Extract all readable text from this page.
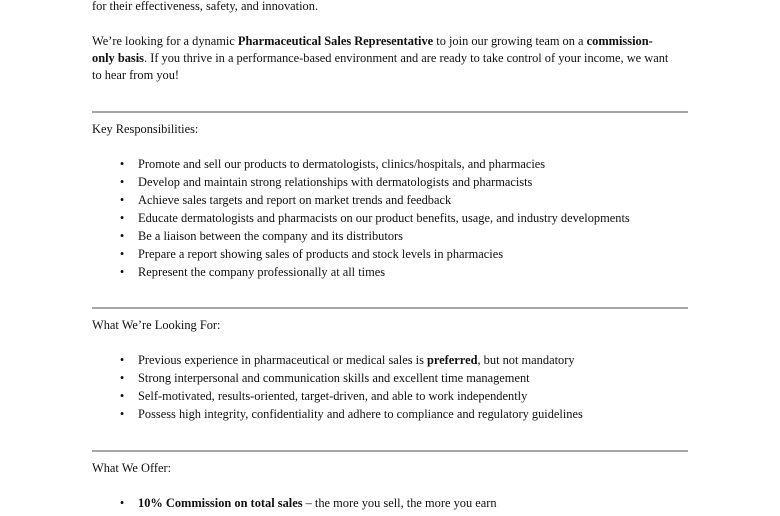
for their effectiveness, safety, and innovation.
We’re looking for a dynamic Pharmaceutical Sales Representative to join our growing team on a commission-
only basis. If you thrive in a performance-based environment and are ready to take control of your income, we want
to hear from you!
Key Responsibilities:
• Promote and sell our products to dermatologists, clinics/hospitals, and pharmacies
• Develop and maintain strong relationships with dermatologists and pharmacists
• Achieve sales targets and report on market trends and feedback
• Educate dermatologists and pharmacists on our product benefits, usage, and industry developments
• Be a liaison between the company and its distributors
• Prepare a report showing sales of products and stock levels in pharmacies
• Represent the company professionally at all times
What We’re Looking For:
• Previous experience in pharmaceutical or medical sales is preferred, but not mandatory
• Strong interpersonal and communication skills and excellent time management
• Self-motivated, results-oriented, target-driven, and able to work independently
• Possess high integrity, confidentiality and adhere to compliance and regulatory guidelines
What We Offer:
• 10% Commission on total sales – the more you sell, the more you earn
